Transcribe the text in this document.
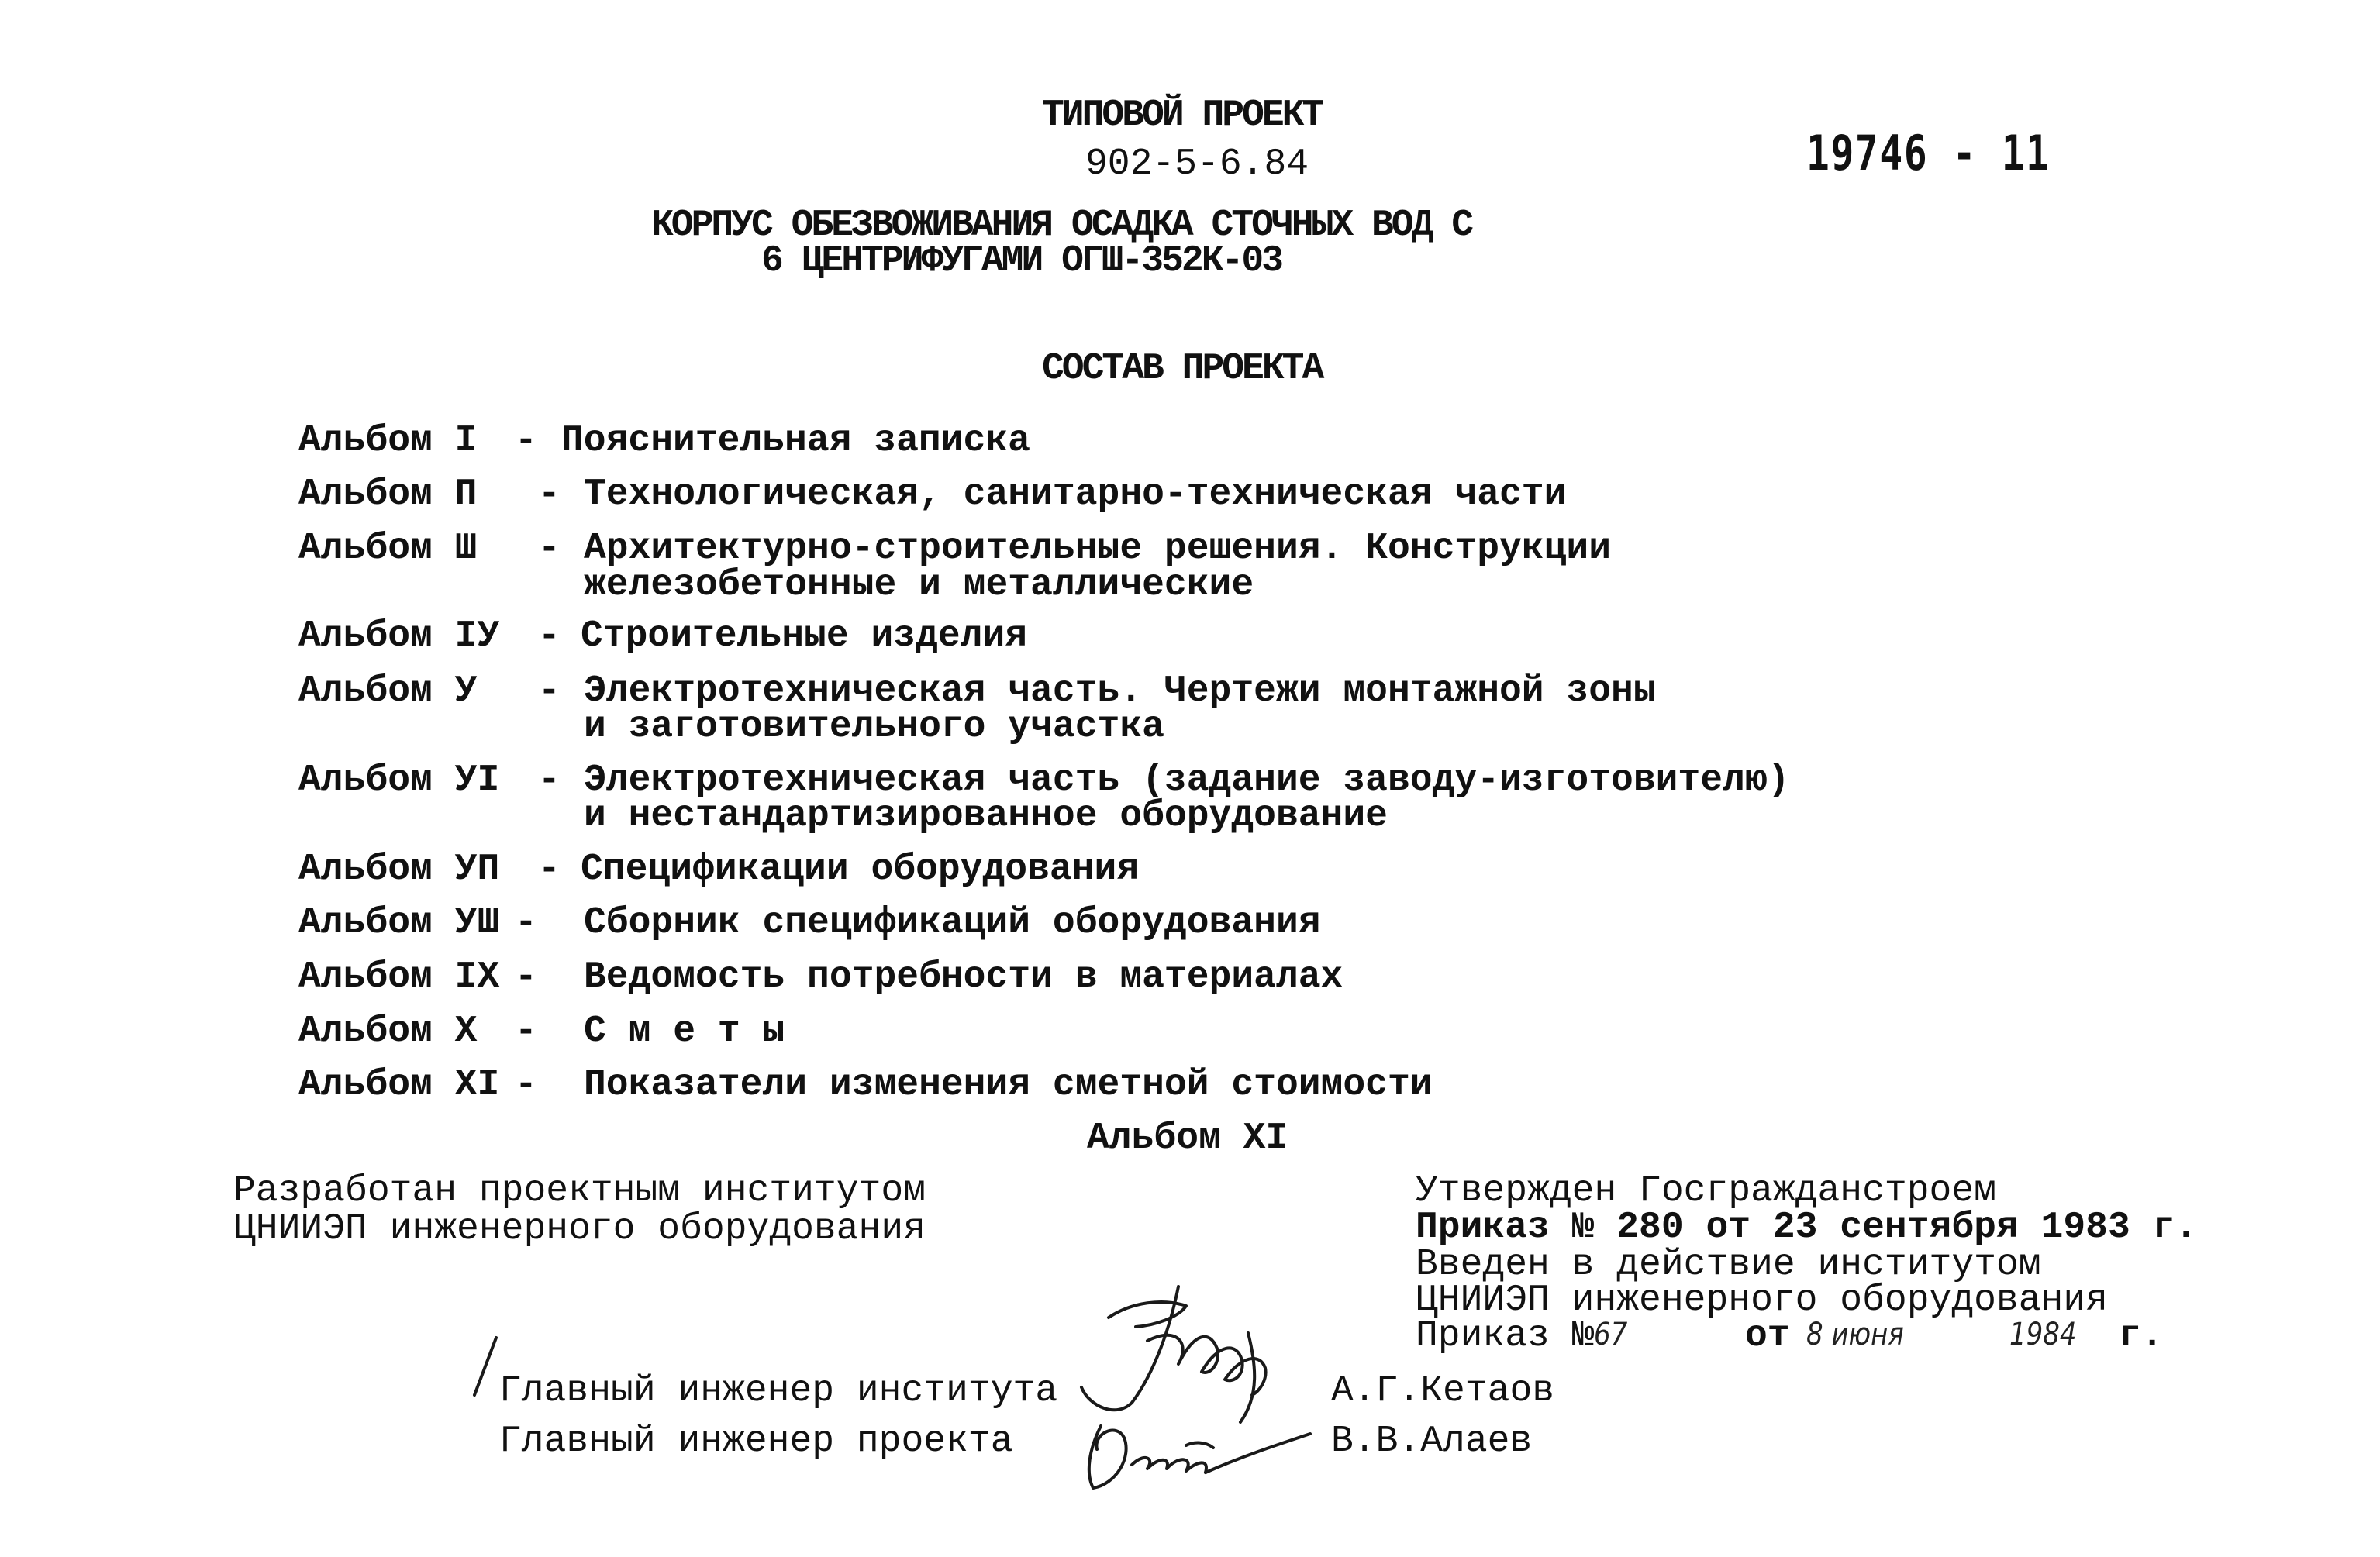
ТИПОВОЙ ПРОЕКТ
902-5-6.84	19746 - 11
КОРПУС ОБЕЗВОЖИВАНИЯ ОСАДКА СТОЧНЫХ ВОД С
6 ЦЕНТРИФУГАМИ ОГШ-352К-03
СОСТАВ ПРОЕКТА
Альбом I - Пояснительная записка
Альбом П - Технологическая, санитарно-техническая части
Альбом Ш - Архитектурно-строительные решения. Конструкции
железобетонные и металлические
Альбом IУ - Строительные изделия
Альбом У - Электротехническая часть. Чертежи монтажной зоны
и заготовительного участка
Альбом УI - Электротехническая часть (задание заводу-изготовителю)
и нестандартизированное оборудование
Альбом УП - Спецификации оборудования
Альбом УШ - Сборник спецификаций оборудования
Альбом IX - Ведомость потребности в материалах
Альбом X - С м е т ы
Альбом XI - Показатели изменения сметной стоимости
Альбом XI
Разработан проектным институтом
ЦНИИЭП инженерного оборудования
Утвержден Госгражданстроем
Приказ № 280 от 23 сентября 1983 г.
Введен в действие институтом
ЦНИИЭП инженерного оборудования
Приказ № 67	от 8 июня	1984 г.
Главный инженер института	А.Г.Кетаов
Главный инженер проекта	В.В.Алаев
